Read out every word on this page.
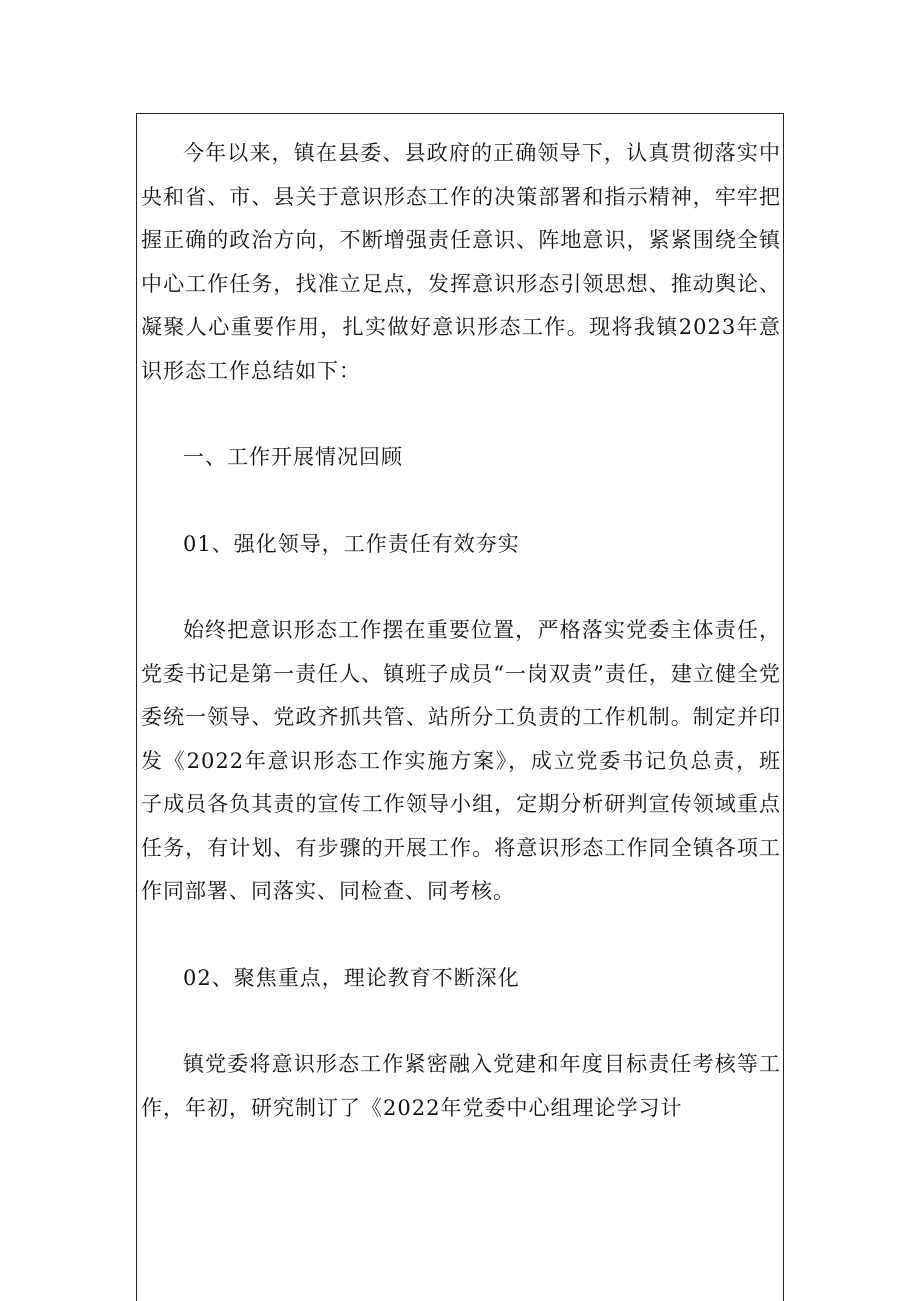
今年以来，镇在县委、县政府的正确领导下，认真贯彻落实中央和省、市、县关于意识形态工作的决策部署和指示精神，牢牢把握正确的政治方向，不断增强责任意识、阵地意识，紧紧围绕全镇中心工作任务，找准立足点，发挥意识形态引领思想、推动舆论、凝聚人心重要作用，扎实做好意识形态工作。现将我镇2023年意识形态工作总结如下：

一、工作开展情况回顾

01、强化领导，工作责任有效夯实

始终把意识形态工作摆在重要位置，严格落实党委主体责任，党委书记是第一责任人、镇班子成员“一岗双责”责任，建立健全党委统一领导、党政齐抓共管、站所分工负责的工作机制。制定并印发《2022年意识形态工作实施方案》，成立党委书记负总责，班子成员各负其责的宣传工作领导小组，定期分析研判宣传领域重点任务，有计划、有步骤的开展工作。将意识形态工作同全镇各项工作同部署、同落实、同检查、同考核。

02、聚焦重点，理论教育不断深化

镇党委将意识形态工作紧密融入党建和年度目标责任考核等工作，年初，研究制订了《2022年党委中心组理论学习计
